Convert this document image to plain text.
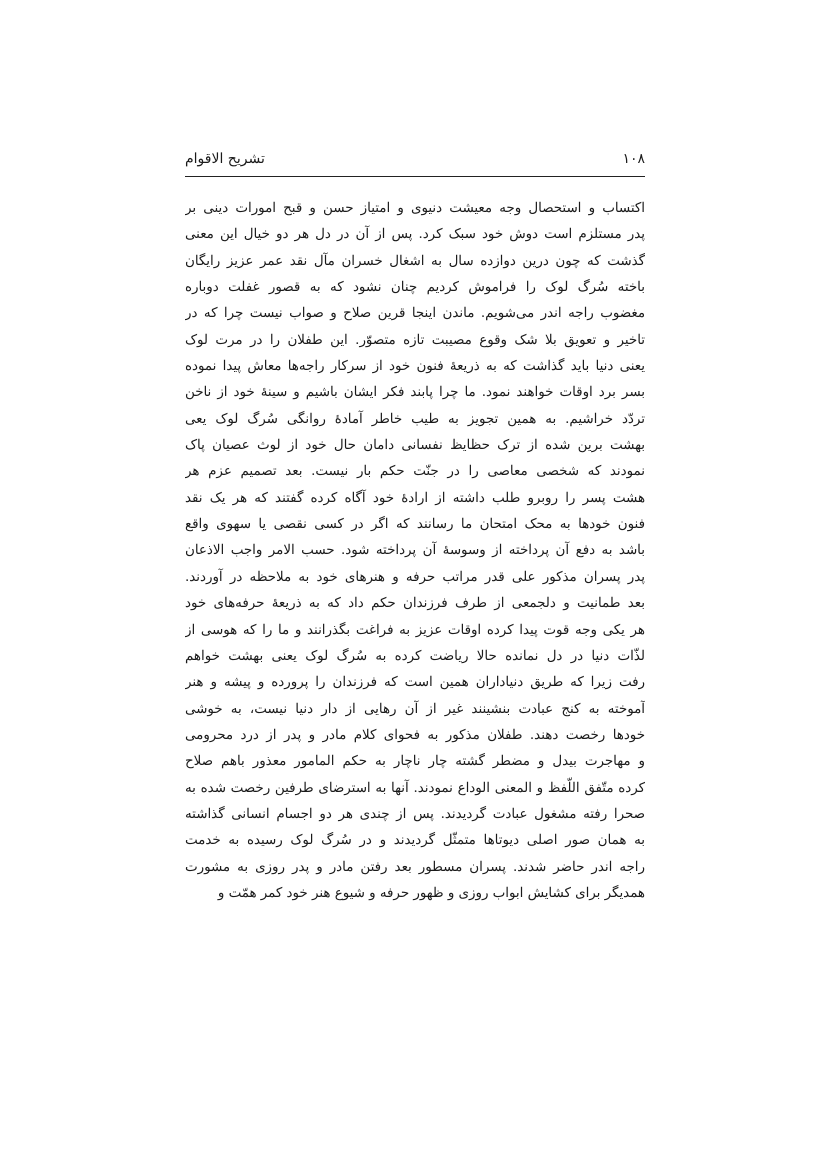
۱۰۸
تشریح الاقوام
اکتساب و استحصال وجه معیشت دنیوی و امتیاز حسن و قبح امورات دینی بر
پدر مستلزم است دوش خود سبک کرد. پس از آن در دل هر دو خیال این معنی
گذشت که چون درین دوازده سال به اشغال خسران مآل نقد عمر عزیز رایگان
باخته سُرگ لوک را فراموش کردیم چنان نشود که به قصور غفلت دوباره
مغضوب راجه اندر می‌شویم. ماندن اینجا قرین صلاح و صواب نیست چرا که در
تاخیر و تعویق بلا شک وقوع مصیبت تازه متصوّر. این طفلان را در مرت لوک
یعنی دنیا باید گذاشت که به ذریعهٔ فنون خود از سرکار راجه‌ها معاش پیدا نموده
بسر برد اوقات خواهند نمود. ما چرا پابند فکر ایشان باشیم و سینهٔ خود از ناخن
تردّد خراشیم. به همین تجویز به طیب خاطر آمادهٔ روانگی سُرگ لوک یعی
بهشت برین شده از ترک حظایظ نفسانی دامان حال خود از لوث عصیان پاک
نمودند که شخصی معاصی را در جنّت حکم بار نیست. بعد تصمیم عزم هر
هشت پسر را روبرو طلب داشته از ارادهٔ خود آگاه کرده گفتند که هر یک نقد
فنون خودها به محک امتحان ما رسانند که اگر در کسی نقصی یا سهوی واقع
باشد به دفع آن پرداخته از وسوسهٔ آن پرداخته شود. حسب الامر واجب الاذعان
پدر پسران مذکور علی قدر مراتب حرفه و هنرهای خود به ملاحظه در آوردند.
بعد طمانیت و دلجمعی از طرف فرزندان حکم داد که به ذریعهٔ حرفه‌های خود
هر یکی وجه قوت پیدا کرده اوقات عزیز به فراغت بگذرانند و ما را که هوسی از
لذّات دنیا در دل نمانده حالا ریاضت کرده به سُرگ لوک یعنی بهشت خواهم
رفت زیرا که طریق دنیاداران همین است که فرزندان را پرورده و پیشه و هنر
آموخته به کنج عبادت بنشینند غیر از آن رهایی از دار دنیا نیست، به خوشی
خودها رخصت دهند. طفلان مذکور به فحوای کلام مادر و پدر از درد محرومی
و مهاجرت بیدل و مضطر گشته چار ناچار به حکم المامور معذور باهم صلاح
کرده متّفق اللّفظ و المعنی الوداع نمودند. آنها به استرضای طرفین رخصت شده به
صحرا رفته مشغول عبادت گردیدند. پس از چندی هر دو اجسام انسانی گذاشته
به همان صور اصلی دیوتاها متمثّل گردیدند و در سُرگ لوک رسیده به خدمت
راجه اندر حاضر شدند. پسران مسطور بعد رفتن مادر و پدر روزی به مشورت
همدیگر برای کشایش ابواب روزی و ظهور حرفه و شیوع هنر خود کمر همّت و
